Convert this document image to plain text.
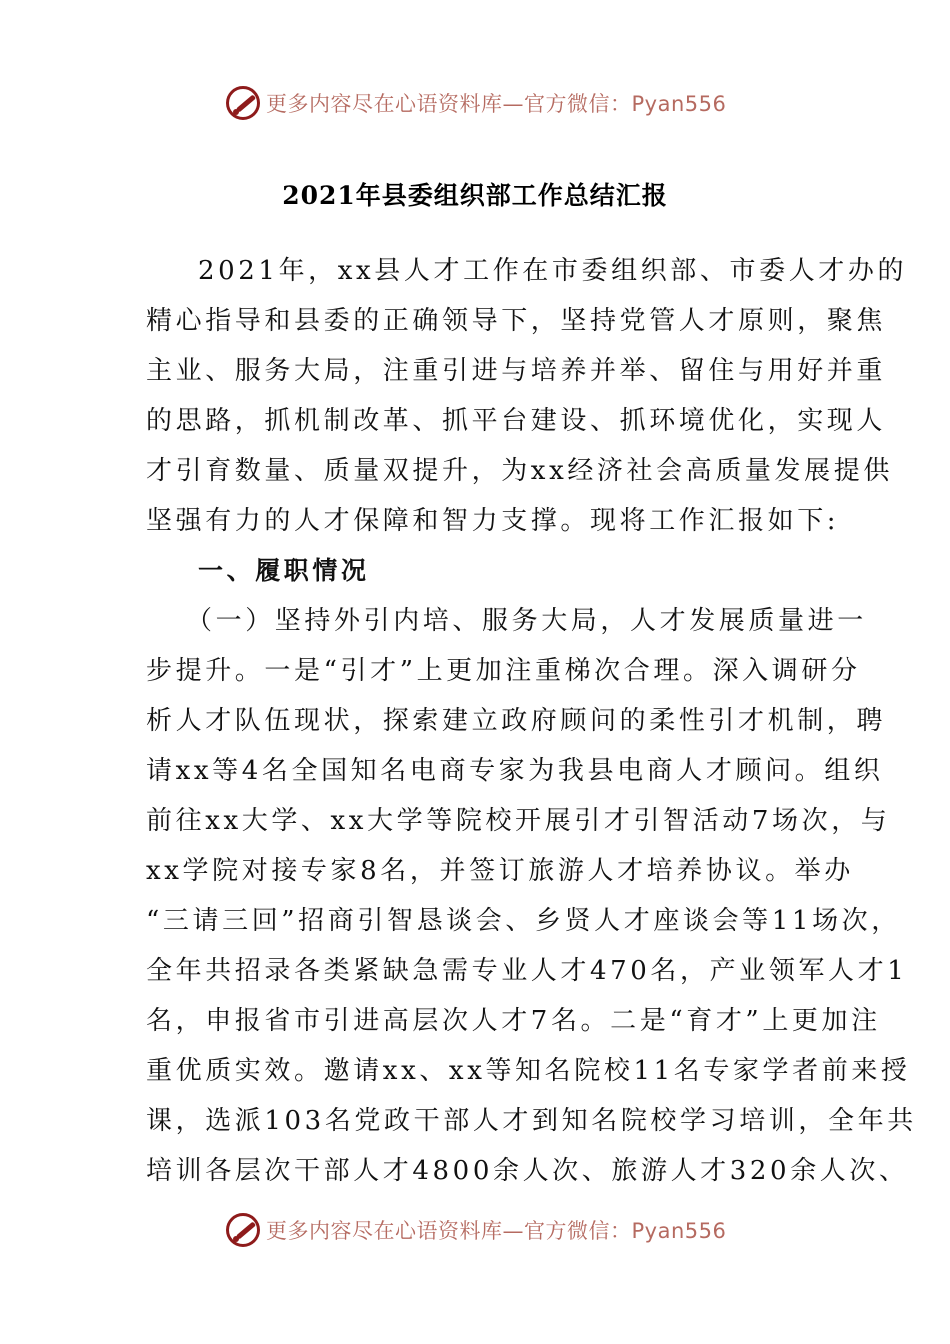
更多内容尽在心语资料库—官方微信：Pyan556
2021年县委组织部工作总结汇报
2021年，xx县人才工作在市委组织部、市委人才办的
精心指导和县委的正确领导下，坚持党管人才原则，聚焦
主业、服务大局，注重引进与培养并举、留住与用好并重
的思路，抓机制改革、抓平台建设、抓环境优化，实现人
才引育数量、质量双提升，为xx经济社会高质量发展提供
坚强有力的人才保障和智力支撑。现将工作汇报如下:
一、履职情况
（一）坚持外引内培、服务大局，人才发展质量进一
步提升。一是“引才”上更加注重梯次合理。深入调研分
析人才队伍现状，探索建立政府顾问的柔性引才机制，聘
请xx等4名全国知名电商专家为我县电商人才顾问。组织
前往xx大学、xx大学等院校开展引才引智活动7场次，与
xx学院对接专家8名，并签订旅游人才培养协议。举办
“三请三回”招商引智恳谈会、乡贤人才座谈会等11场次，
全年共招录各类紧缺急需专业人才470名，产业领军人才1
名，申报省市引进高层次人才7名。二是“育才”上更加注
重优质实效。邀请xx、xx等知名院校11名专家学者前来授
课，选派103名党政干部人才到知名院校学习培训，全年共
培训各层次干部人才4800余人次、旅游人才320余人次、
更多内容尽在心语资料库—官方微信：Pyan556
